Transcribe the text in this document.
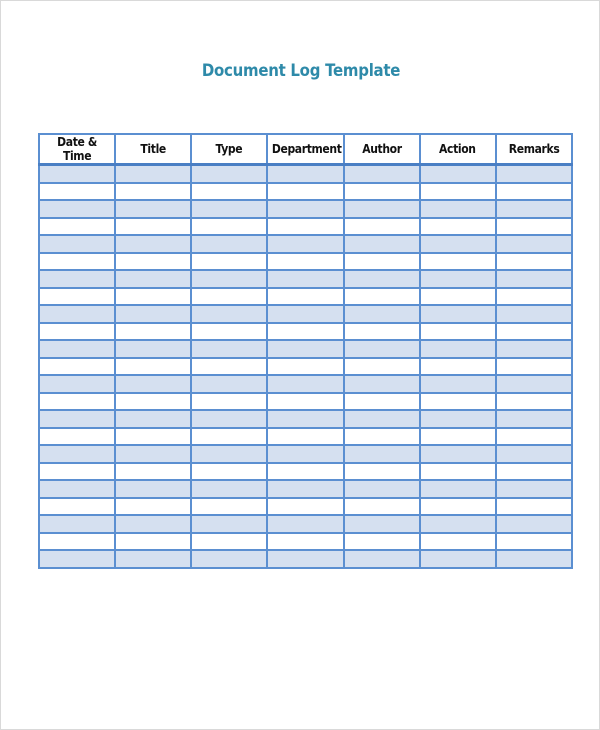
Document Log Template
Date & Time	Title	Type	Department	Author	Action	Remarks
